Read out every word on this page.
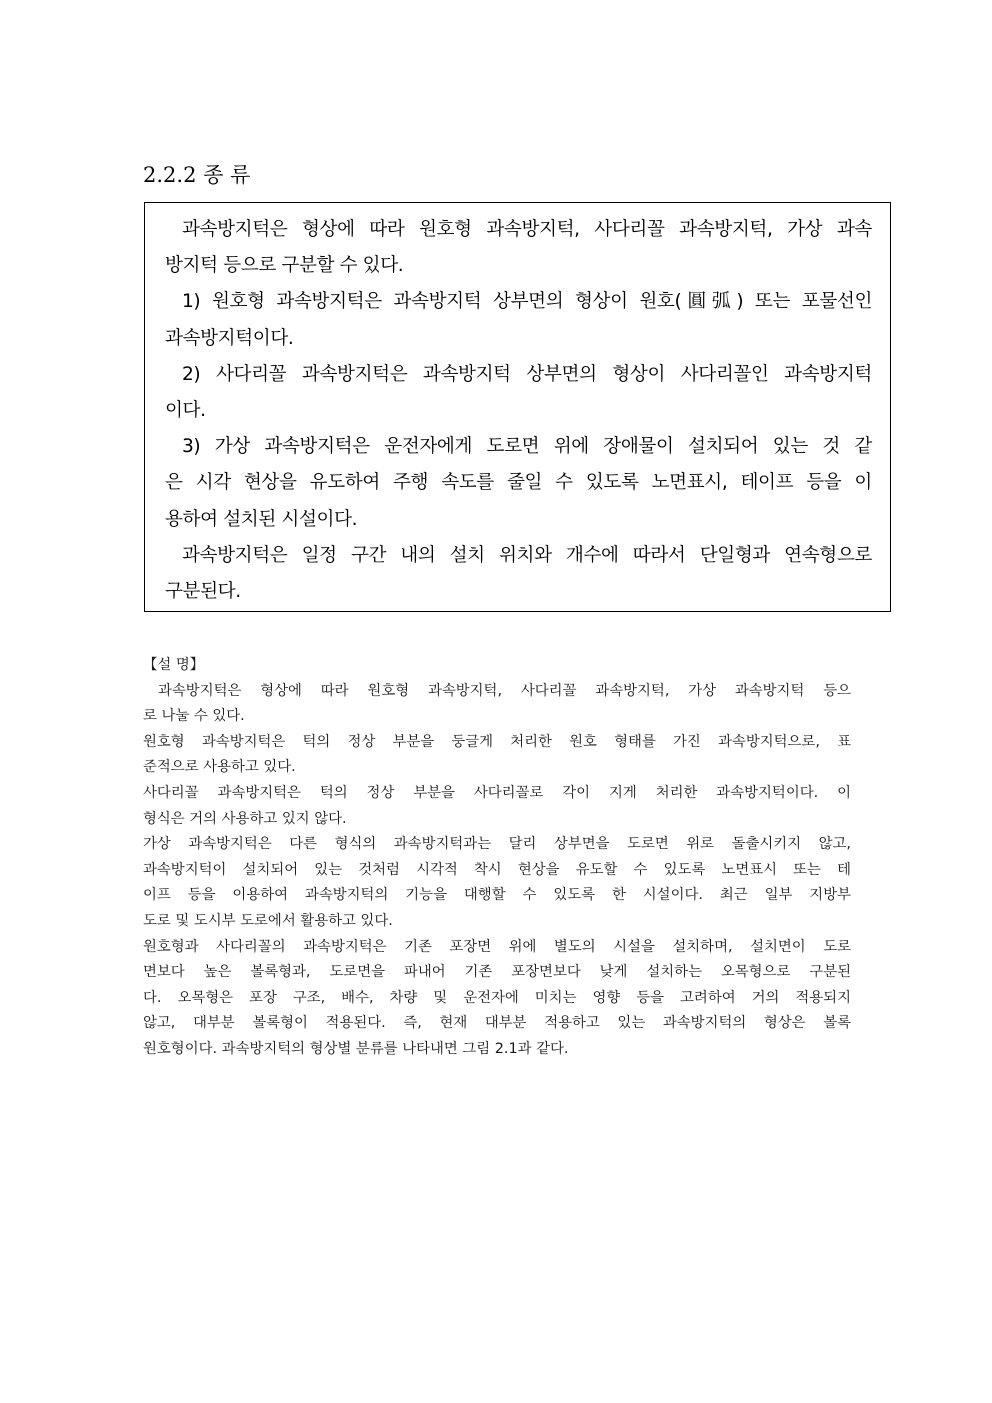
2.2.2 종 류
과속방지턱은 형상에 따라 원호형 과속방지턱, 사다리꼴 과속방지턱, 가상 과속
방지턱 등으로 구분할 수 있다.
1) 원호형 과속방지턱은 과속방지턱 상부면의 형상이 원호(圓弧) 또는 포물선인
과속방지턱이다.
2) 사다리꼴 과속방지턱은 과속방지턱 상부면의 형상이 사다리꼴인 과속방지턱
이다.
3) 가상 과속방지턱은 운전자에게 도로면 위에 장애물이 설치되어 있는 것 같
은 시각 현상을 유도하여 주행 속도를 줄일 수 있도록 노면표시, 테이프 등을 이
용하여 설치된 시설이다.
과속방지턱은 일정 구간 내의 설치 위치와 개수에 따라서 단일형과 연속형으로
구분된다.
【설 명】
과속방지턱은 형상에 따라 원호형 과속방지턱, 사다리꼴 과속방지턱, 가상 과속방지턱 등으
로 나눌 수 있다.
원호형 과속방지턱은 턱의 정상 부분을 둥글게 처리한 원호 형태를 가진 과속방지턱으로, 표
준적으로 사용하고 있다.
사다리꼴 과속방지턱은 턱의 정상 부분을 사다리꼴로 각이 지게 처리한 과속방지턱이다. 이
형식은 거의 사용하고 있지 않다.
가상 과속방지턱은 다른 형식의 과속방지턱과는 달리 상부면을 도로면 위로 돌출시키지 않고,
과속방지턱이 설치되어 있는 것처럼 시각적 착시 현상을 유도할 수 있도록 노면표시 또는 테
이프 등을 이용하여 과속방지턱의 기능을 대행할 수 있도록 한 시설이다. 최근 일부 지방부
도로 및 도시부 도로에서 활용하고 있다.
원호형과 사다리꼴의 과속방지턱은 기존 포장면 위에 별도의 시설을 설치하며, 설치면이 도로
면보다 높은 볼록형과, 도로면을 파내어 기존 포장면보다 낮게 설치하는 오목형으로 구분된
다. 오목형은 포장 구조, 배수, 차량 및 운전자에 미치는 영향 등을 고려하여 거의 적용되지
않고, 대부분 볼록형이 적용된다. 즉, 현재 대부분 적용하고 있는 과속방지턱의 형상은 볼록
원호형이다. 과속방지턱의 형상별 분류를 나타내면 그림 2.1과 같다.
